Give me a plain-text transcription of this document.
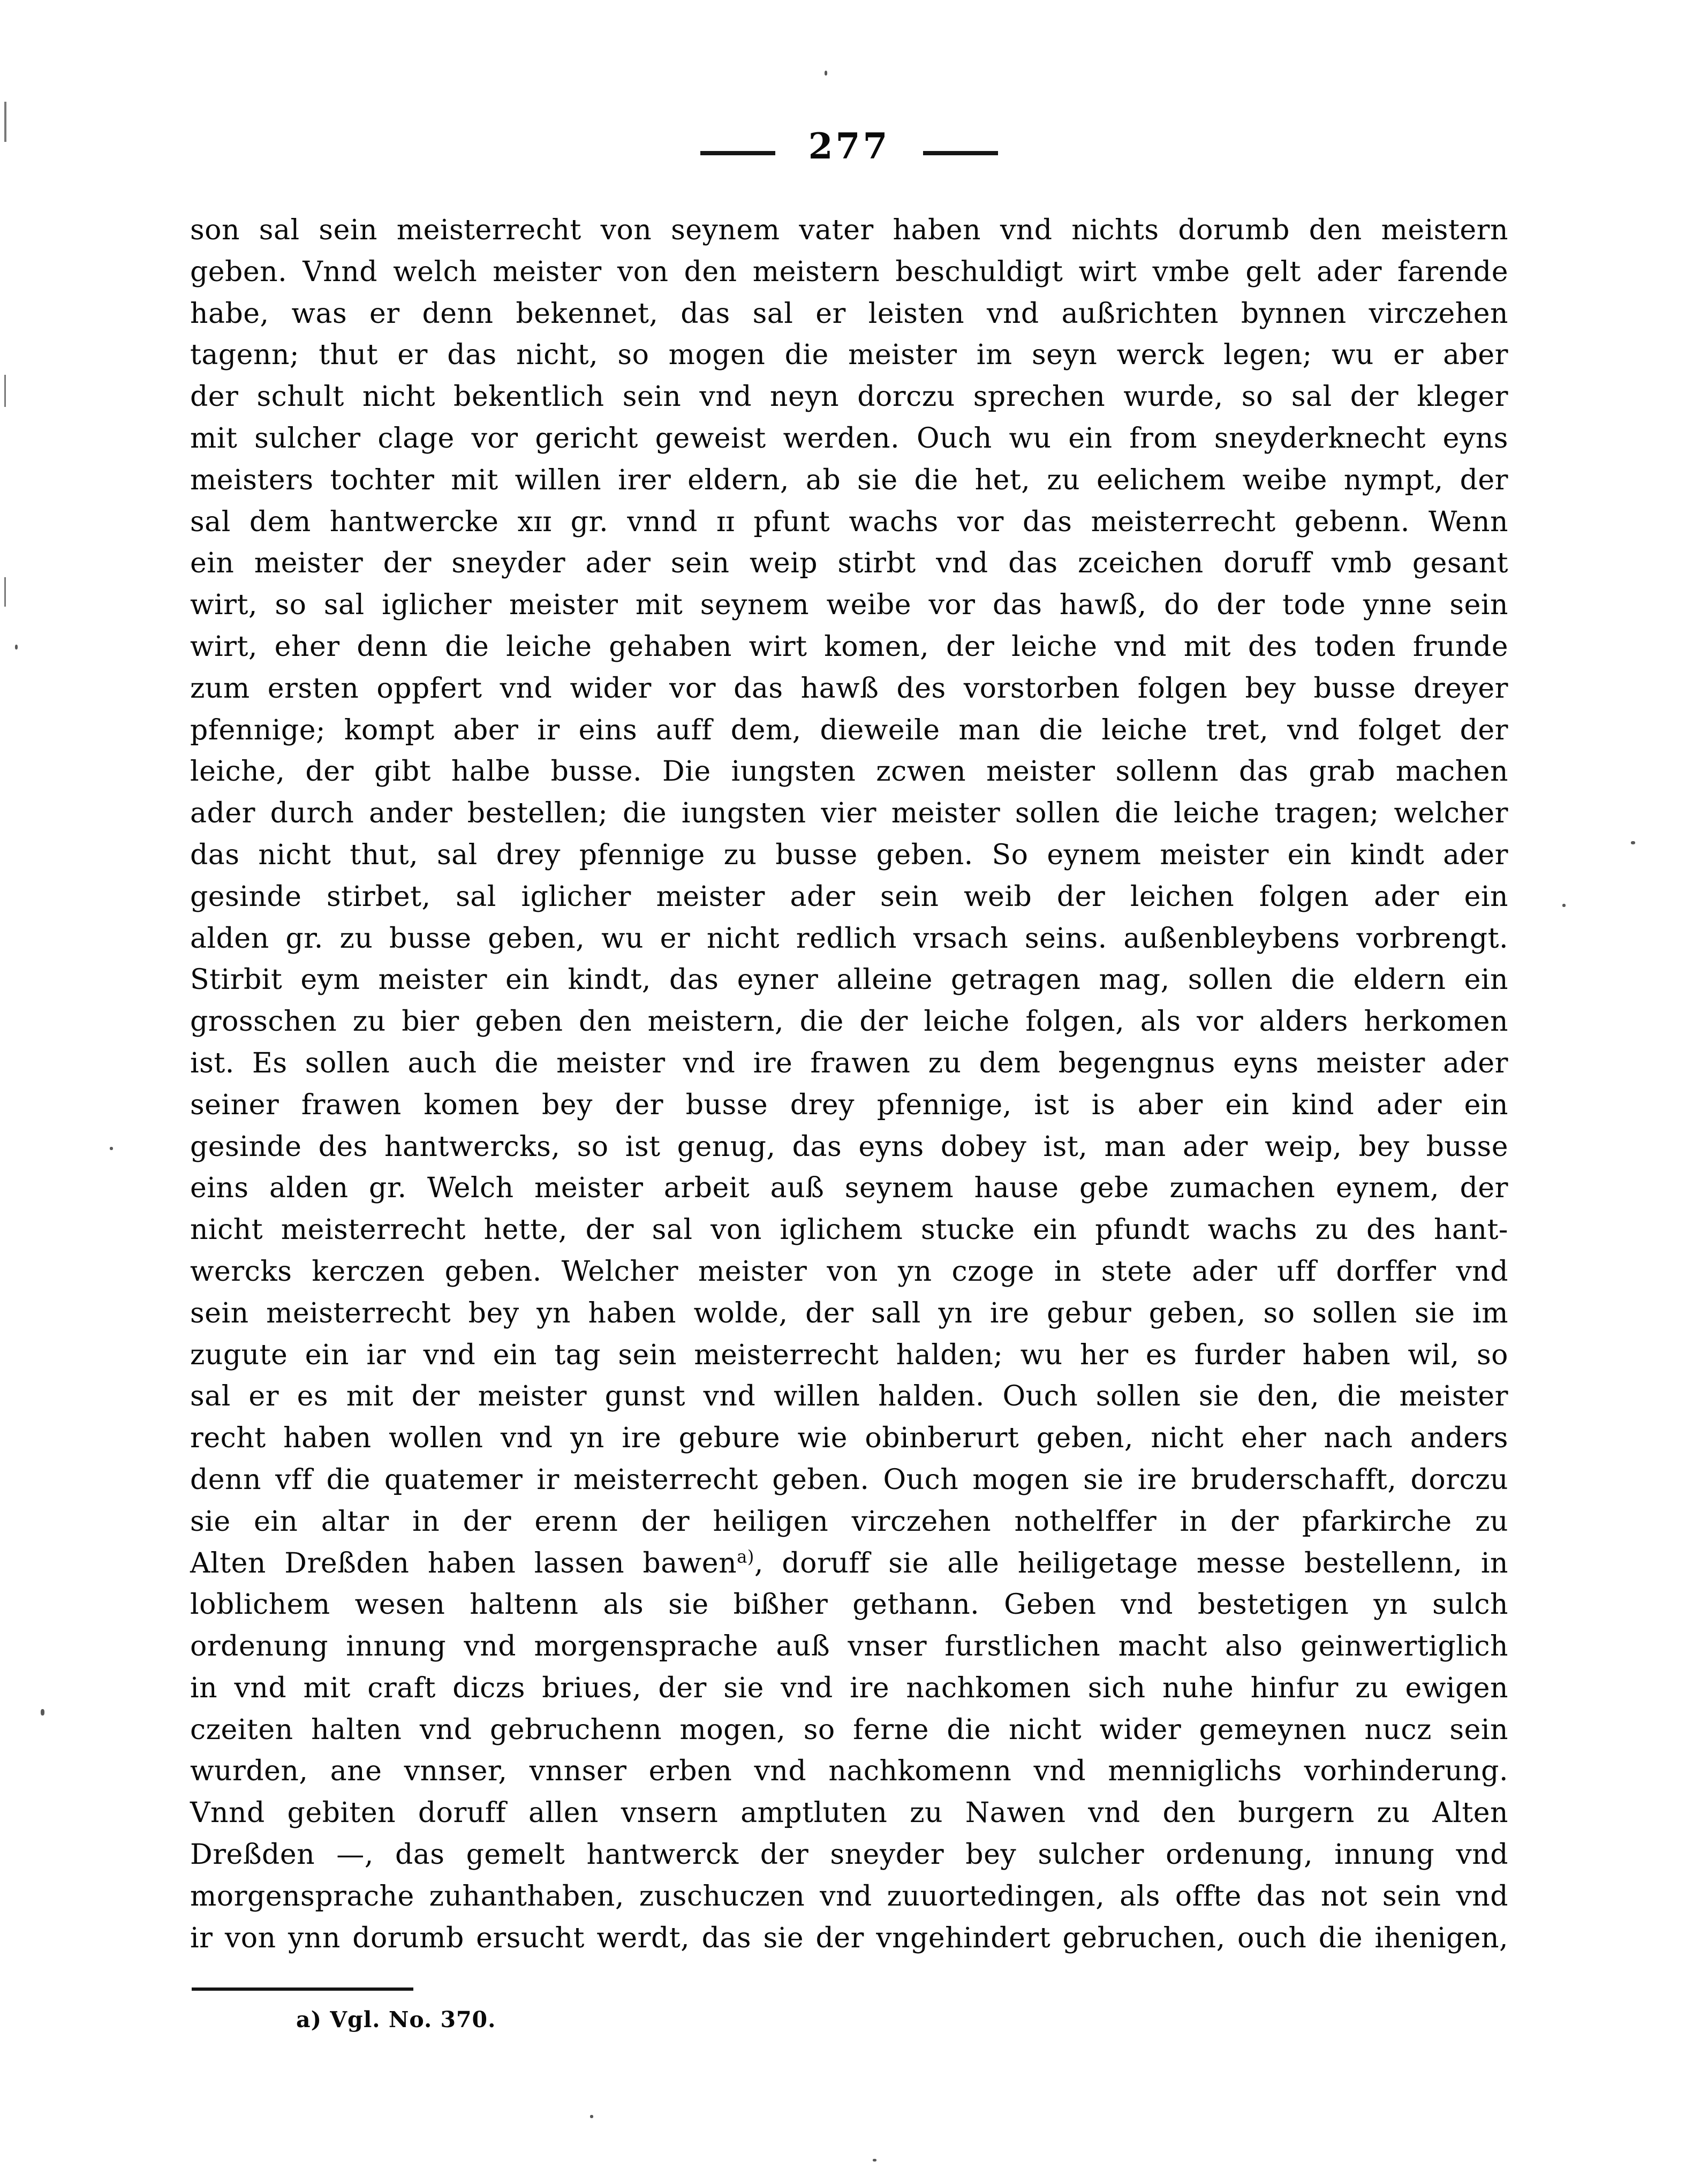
277
son sal sein meisterrecht von seynem vater haben vnd nichts dorumb den meistern
geben. Vnnd welch meister von den meistern beschuldigt wirt vmbe gelt ader farende
habe, was er denn bekennet, das sal er leisten vnd außrichten bynnen virczehen
tagenn; thut er das nicht, so mogen die meister im seyn werck legen; wu er aber
der schult nicht bekentlich sein vnd neyn dorczu sprechen wurde, so sal der kleger
mit sulcher clage vor gericht geweist werden. Ouch wu ein from sneyderknecht eyns
meisters tochter mit willen irer eldern, ab sie die het, zu eelichem weibe nympt, der
sal dem hantwercke xɪɪ gr. vnnd ɪɪ pfunt wachs vor das meisterrecht gebenn. Wenn
ein meister der sneyder ader sein weip stirbt vnd das zceichen doruff vmb gesant
wirt, so sal iglicher meister mit seynem weibe vor das hawß, do der tode ynne sein
wirt, eher denn die leiche gehaben wirt komen, der leiche vnd mit des toden frunde
zum ersten oppfert vnd wider vor das hawß des vorstorben folgen bey busse dreyer
pfennige; kompt aber ir eins auff dem, dieweile man die leiche tret, vnd folget der
leiche, der gibt halbe busse. Die iungsten zcwen meister sollenn das grab machen
ader durch ander bestellen; die iungsten vier meister sollen die leiche tragen; welcher
das nicht thut, sal drey pfennige zu busse geben. So eynem meister ein kindt ader
gesinde stirbet, sal iglicher meister ader sein weib der leichen folgen ader ein
alden gr. zu busse geben, wu er nicht redlich vrsach seins. außenbleybens vorbrengt.
Stirbit eym meister ein kindt, das eyner alleine getragen mag, sollen die eldern ein
grosschen zu bier geben den meistern, die der leiche folgen, als vor alders herkomen
ist. Es sollen auch die meister vnd ire frawen zu dem begengnus eyns meister ader
seiner frawen komen bey der busse drey pfennige, ist is aber ein kind ader ein
gesinde des hantwercks, so ist genug, das eyns dobey ist, man ader weip, bey busse
eins alden gr. Welch meister arbeit auß seynem hause gebe zumachen eynem, der
nicht meisterrecht hette, der sal von iglichem stucke ein pfundt wachs zu des hant-
wercks kerczen geben. Welcher meister von yn czoge in stete ader uff dorffer vnd
sein meisterrecht bey yn haben wolde, der sall yn ire gebur geben, so sollen sie im
zugute ein iar vnd ein tag sein meisterrecht halden; wu her es furder haben wil, so
sal er es mit der meister gunst vnd willen halden. Ouch sollen sie den, die meister
recht haben wollen vnd yn ire gebure wie obinberurt geben, nicht eher nach anders
denn vff die quatemer ir meisterrecht geben. Ouch mogen sie ire bruderschafft, dorczu
sie ein altar in der erenn der heiligen virczehen nothelffer in der pfarkirche zu
Alten Dreßden haben lassen bawen$^{a)}$, doruff sie alle heiligetage messe bestellenn, in
loblichem wesen haltenn als sie bißher gethann. Geben vnd bestetigen yn sulch
ordenung innung vnd morgensprache auß vnser furstlichen macht also geinwertiglich
in vnd mit craft diczs briues, der sie vnd ire nachkomen sich nuhe hinfur zu ewigen
czeiten halten vnd gebruchenn mogen, so ferne die nicht wider gemeynen nucz sein
wurden, ane vnnser, vnnser erben vnd nachkomenn vnd menniglichs vorhinderung.
Vnnd gebiten doruff allen vnsern amptluten zu Nawen vnd den burgern zu Alten
Dreßden —, das gemelt hantwerck der sneyder bey sulcher ordenung, innung vnd
morgensprache zuhanthaben, zuschuczen vnd zuuortedingen, als offte das not sein vnd
ir von ynn dorumb ersucht werdt, das sie der vngehindert gebruchen, ouch die ihenigen,
a) Vgl. No. 370.
